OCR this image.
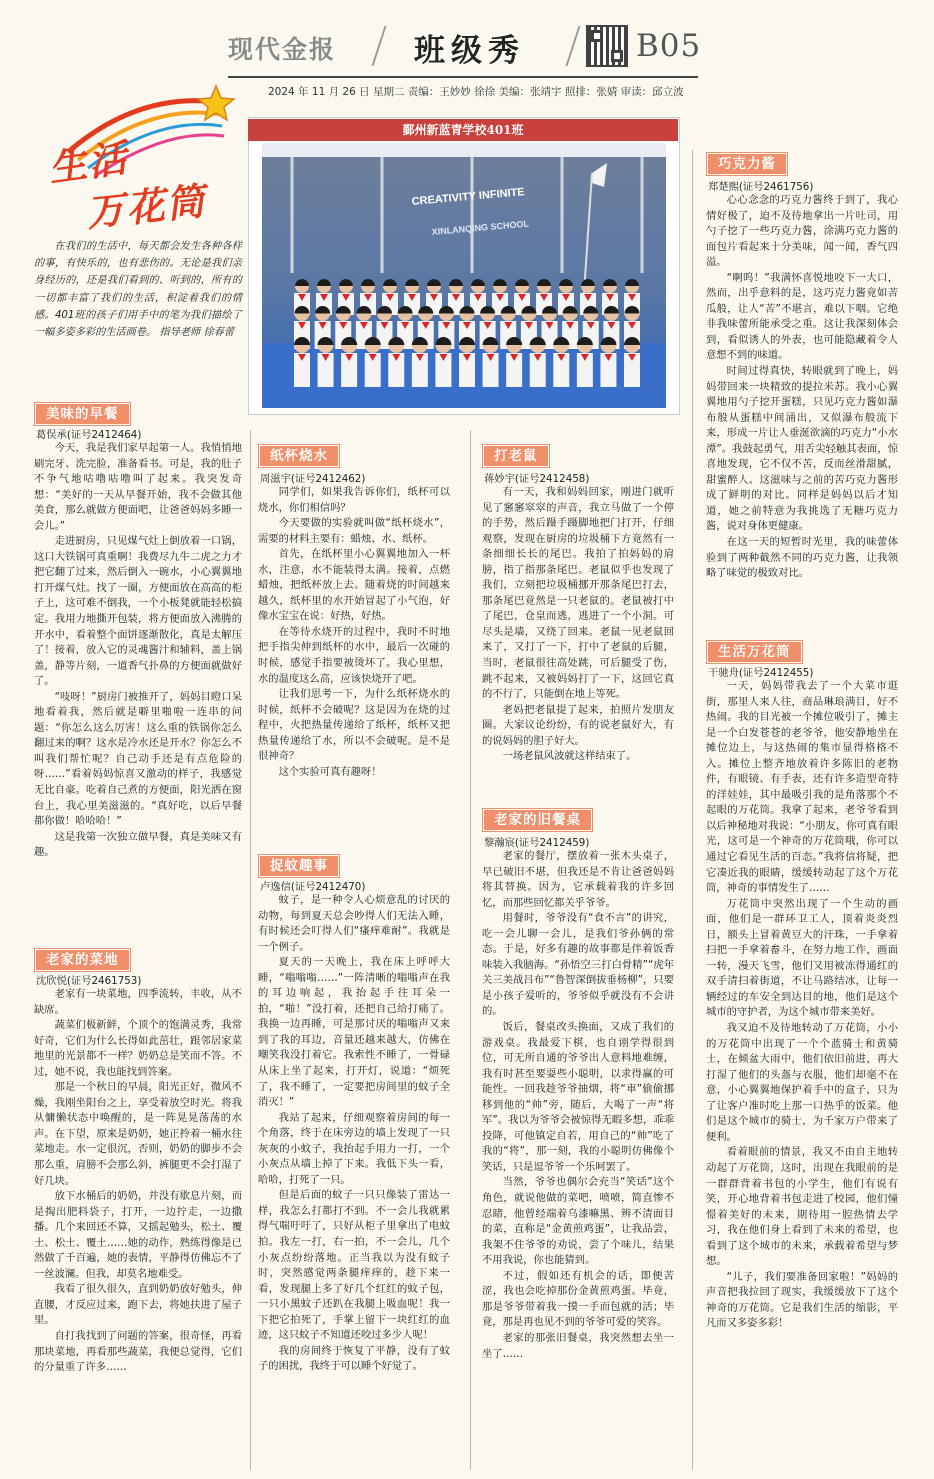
现代金报	班级秀	B05
2024 年 11 月 26 日 星期二 责编：王妙妙 徐徐 美编：张靖宇 照排：张婧 审读：邱立波
生活
万花筒
在我们的生活中，每天都会发生各种各样的事，有快乐的，也有悲伤的。无论是我们亲身经历的，还是我们看到的、听到的，所有的一切都丰富了我们的生活，积淀着我们的情感。401班的孩子们用手中的笔为我们描绘了一幅多姿多彩的生活画卷。 指导老师 徐春蕾
鄞州新蓝青学校401班
CREATIVITY INFINITE
XINLANQING SCHOOL
美味的早餐
葛俣承(证号2412464)

今天，我是我们家早起第一人。我悄悄地刷完牙、洗完脸，准备看书。可是，我的肚子不争气地咕噜咕噜叫了起来。我突发奇想：“美好的一天从早餐开始，我不会做其他美食，那么就做方便面吧，让爸爸妈妈多睡一会儿。”

走进厨房，只见煤气灶上倒放着一口锅，这口大铁锅可真重啊！我费尽九牛二虎之力才把它翻了过来，然后倒入一碗水，小心翼翼地打开煤气灶。找了一圈，方便面放在高高的柜子上，这可难不倒我，一个小板凳就能轻松搞定。我用力地撕开包装，将方便面放入沸腾的开水中，看着整个面饼逐渐散化，真是太解压了！接着，放入它的灵魂酱汁和辅料，盖上锅盖，静等片刻，一道香气扑鼻的方便面就做好了。

“吱呀！”厨房门被推开了，妈妈目瞪口呆地看着我，然后就是噼里啪啦一连串的问题：“你怎么这么厉害！这么重的铁锅你怎么翻过来的啊？这水是冷水还是开水？你怎么不叫我们帮忙呢？自己动手还是有点危险的呀……”看着妈妈惊喜又激动的样子，我感觉无比自豪。吃着自己煮的方便面，阳光洒在窗台上，我心里美滋滋的。“真好吃，以后早餐都你做！哈哈哈！”

这是我第一次独立做早餐，真是美味又有趣。

老家的菜地
沈欣悦(证号2461753)

老家有一块菜地，四季流转，丰收，从不缺席。

蔬菜们极新鲜，个顶个的饱满灵秀，我常好奇，它们为什么长得如此茁壮，跟邻居家菜地里的光景都不一样？奶奶总是笑而不答。不过，她不说，我也能找到答案。

那是一个秋日的早晨，阳光正好，微风不燥，我刚坐阳台之上，享受着放空时光。将我从慵懒状态中唤醒的，是一阵晃晃荡荡的水声。在下望，原来是奶奶，她正拎着一桶水往菜地走。水一定很沉，否则，奶奶的脚步不会那么重，肩膀不会那么斜，裤腿更不会打湿了好几块。

放下水桶后的奶奶，并没有歇息片刻，而是掏出肥料袋子，打开，一边拧走，一边撒播。几个来回还不算，又摇起勉头，松土、覆土、松土、覆土……她的动作，熟练得像是已然做了千百遍，她的表情，平静得仿佛忘不了一丝波澜。但我，却莫名地难受。

我看了很久很久，直到奶奶放好勉头，伸直腰，才反应过来，跑下去，将她扶进了屋子里。

自打我找到了问题的答案，很奇怪，再看那块菜地，再看那些蔬菜，我便总觉得，它们的分量重了许多……

纸杯烧水
周滋宇(证号2412462)

同学们，如果我告诉你们，纸杯可以烧水，你们相信吗？

今天要做的实验就叫做“纸杯烧水”，需要的材料主要有：蜡烛、水、纸杯。

首先，在纸杯里小心翼翼地加入一杯水，注意，水不能装得太满。接着，点燃蜡烛，把纸杯放上去。随着烧的时间越来越久，纸杯里的水开始冒起了小气泡，好像水宝宝在说：好热，好热。

在等待水烧开的过程中，我时不时地把手指尖伸到纸杯的水中，最后一次碰的时候，感觉手指要被烫坏了。我心里想，水的温度这么高，应该快烧开了吧。

让我们思考一下，为什么纸杯烧水的时候，纸杯不会破呢？这是因为在烧的过程中，火把热量传递给了纸杯，纸杯又把热量传递给了水，所以不会破呢。是不是很神奇？

这个实验可真有趣呀！

捉蚊趣事
卢逸信(证号2412470)

蚊子，是一种令人心烦意乱的讨厌的动物，每到夏天总会吵得人们无法入睡，有时候还会叮得人们“瘙痒难耐”。我就是一个例子。

夏天的一天晚上，我在床上呼呼大睡，“嗡嗡嗡……”一阵清晰的嗡嗡声在我的耳边响起，我抬起手往耳朵一拍，“啪！”没打着，还把自己给打痛了。我换一边再睡，可是那讨厌的嗡嗡声又来到了我的耳边，音量还越来越大，仿佛在嘲笑我没打着它。我索性不睡了，一骨碌从床上坐了起来，打开灯，说道：“烦死了，我不睡了，一定要把房间里的蚊子全消灭！”

我站了起来，仔细观察着房间的每一个角落，终于在床旁边的墙上发现了一只灰灰的小蚊子，我抬起手用力一打，一个小灰点从墙上掉了下来。我低下头一看，哈哈，打死了一只。

但是后面的蚊子一只只像装了雷达一样，我怎么打都打不到。不一会儿我就累得气喘吁吁了，只好从柜子里拿出了电蚊拍。我左一打，右一拍，不一会儿，几个小灰点纷纷落地。正当我以为没有蚊子时，突然感觉两条腿痒痒的，趁下来一看，发现腿上多了好几个红红的蚊子包，一只小黑蚊子还趴在我腿上吸血呢！我一下把它拍死了，手掌上留下一块红红的血迹，这只蚊子不知道还咬过多少人呢！

我的房间终于恢复了平静，没有了蚊子的困扰，我终于可以睡个好觉了。

打老鼠
蒋妙宇(证号2412458)

有一天，我和妈妈回家，刚进门就听见了窸窸窣窣的声音，我立马做了一个停的手势，然后蹑手蹑脚地把门打开，仔细观察，发现在厨房的垃圾桶下方竟然有一条细细长长的尾巴。我拍了拍妈妈的肩膀，指了指那条尾巴。老鼠似乎也发现了我们，立刻把垃圾桶挪开那条尾巴打去，那条尾巴竟然是一只老鼠的。老鼠被打中了尾巴，仓皇而逃，逃进了一个小洞。可尽头是墙，又绕了回来。老鼠一见老鼠回来了，又打了一下，打中了老鼠的后腿，当时，老鼠很往高处跳，可后腿受了伤，跳不起来，又被妈妈打了一下，这回它真的不行了，只能倒在地上等死。

老妈把老鼠提了起来，拍照片发朋友圈。大家议论纷纷，有的说老鼠好大，有的说妈妈的胆子好大。

一场老鼠风波就这样结束了。

老家的旧餐桌
黎瀚宸(证号2412459)

老家的餐厅，摆放着一张木头桌子，早已破旧不堪，但我还是不肯让爸爸妈妈将其替换。因为，它承载着我的许多回忆，而那些回忆都关乎爷爷。

用餐时，爷爷没有“食不言”的讲究，吃一会儿聊一会儿，是我们爷孙俩的常态。于是，好多有趣的故事都是伴着饭香味装入我脑海。“孙悟空三打白骨精”“虎年关三美战吕布”“鲁智深倒拔垂杨柳”，只要是小孩子爱听的，爷爷似乎就没有不会讲的。

饭后，餐桌改头换面，又成了我们的游戏桌。我最爱下棋，也自诩学得很到位，可无所自通的爷爷出人意料地难缠，我有时甚至要耍些小聪明，以求得赢的可能性。一回我趁爷爷抽烟，将“車”偷偷挪移到他的“帅”旁，随后，大喝了一声“将军”。我以为爷爷会被惊得无暇多想，乖乖投降，可他镇定自若，用自己的“帅”吃了我的“将”，那一刻，我的小聪明仿佛像个笑话，只是逗爷爷一个乐呵罢了。

当然，爷爷也偶尔会充当“笑话”这个角色，就说他做的菜吧，喷喷，简直惨不忍睹，他曾经端着乌漆嘛黑、辨不清面目的菜，直称是“金黄煎鸡蛋”，让我品尝，我架不住爷爷的劝说，尝了个味儿，结果不用我说，你也能猜到。

不过，假如还有机会的话，即便苦涩，我也会吃掉那份金黄煎鸡蛋。毕竟，那是爷爷带着我一摸一手而包就的活；毕竟，那是再也见不到的爷爷可爱的笑容。

老家的那张旧餐桌，我突然想去坐一坐了……

巧克力酱
郑楚熙(证号2461756)

心心念念的巧克力酱终于到了，我心情好极了，迫不及待地拿出一片吐司，用勺子挖了一些巧克力酱，涂满巧克力酱的面包片看起来十分美味，闻一闻，香气四溢。

“啊呜！”我满怀喜悦地咬下一大口，然而，出乎意料的是，这巧克力酱竟如苦瓜般，让人“苦”不堪言，难以下咽。它绝非我味蕾所能承受之重。这让我深刻体会到，看似诱人的外表，也可能隐藏着令人意想不到的味道。

时间过得真快，转眼就到了晚上，妈妈带回来一块精致的提拉米苏。我小心翼翼地用勺子挖开蛋糕，只见巧克力酱如瀑布般从蛋糕中间涌出，又似瀑布般流下来，形成一片让人垂涎欲滴的巧克力“小水潭”。我鼓起勇气，用舌尖轻触其表面，惊喜地发现，它不仅不苦，反而丝滑甜腻，甜蜜醉人。这滋味与之前的苦巧克力酱形成了鲜明的对比。同样是妈妈以后才知道，她之前特意为我挑选了无糖巧克力酱，说对身体更健康。

在这一天的短暂时光里，我的味蕾体验到了两种截然不同的巧克力酱，让我领略了味觉的极致对比。

生活万花筒
干驰舟(证号2412455)

一天，妈妈带我去了一个大菜市逛街，那里人来人往，商品琳琅满目，好不热闹。我的目光被一个摊位吸引了，摊主是一个白发苍苍的老爷爷，他安静地坐在摊位边上，与这热闹的集市显得格格不入。摊位上整齐地放着许多陈旧的老物件，有眼镜、有手表，还有许多造型奇特的洋娃娃，其中最吸引我的是角落那个不起眼的万花筒。我拿了起来，老爷爷看到以后神秘地对我说：“小朋友，你可真有眼光，这可是一个神奇的万花筒哦，你可以通过它看见生活的百态。”我将信将疑，把它凑近我的眼睛，缓缓转动起了这个万花筒，神奇的事情发生了……

万花筒中突然出现了一个生动的画面，他们是一群环卫工人，顶着炎炎烈日，额头上冒着黄豆大的汗珠，一手拿着扫把一手拿着畚斗，在努力地工作，画面一转，漫天飞雪，他们又用被冻得通红的双手清扫着街道，不让马路结冰，让每一辆经过的车安全到达目的地，他们是这个城市的守护者，为这个城市带来美好。

我又迫不及待地转动了万花筒，小小的万花筒中出现了一个个蓝骑士和黄骑士，在倾盆大雨中，他们依旧前进，再大打湿了他们的头盔与衣服，他们却毫不在意，小心翼翼地保护着手中的盒子，只为了让客户准时吃上那一口热乎的饭菜。他们是这个城市的骑士，为千家万户带来了便利。

看着眼前的情景，我又不由自主地转动起了万花筒，这时，出现在我眼前的是一群群背着书包的小学生，他们有说有笑，开心地背着书包走进了校园，他们憧憬着美好的未来，期待用一腔热情去学习，我在他们身上看到了未来的希望，也看到了这个城市的未来，承载着希望与梦想。

“儿子，我们要准备回家啦！”妈妈的声音把我拉回了现实，我缓缓放下了这个神奇的万花筒。它是我们生活的缩影，平凡而又多姿多彩！
